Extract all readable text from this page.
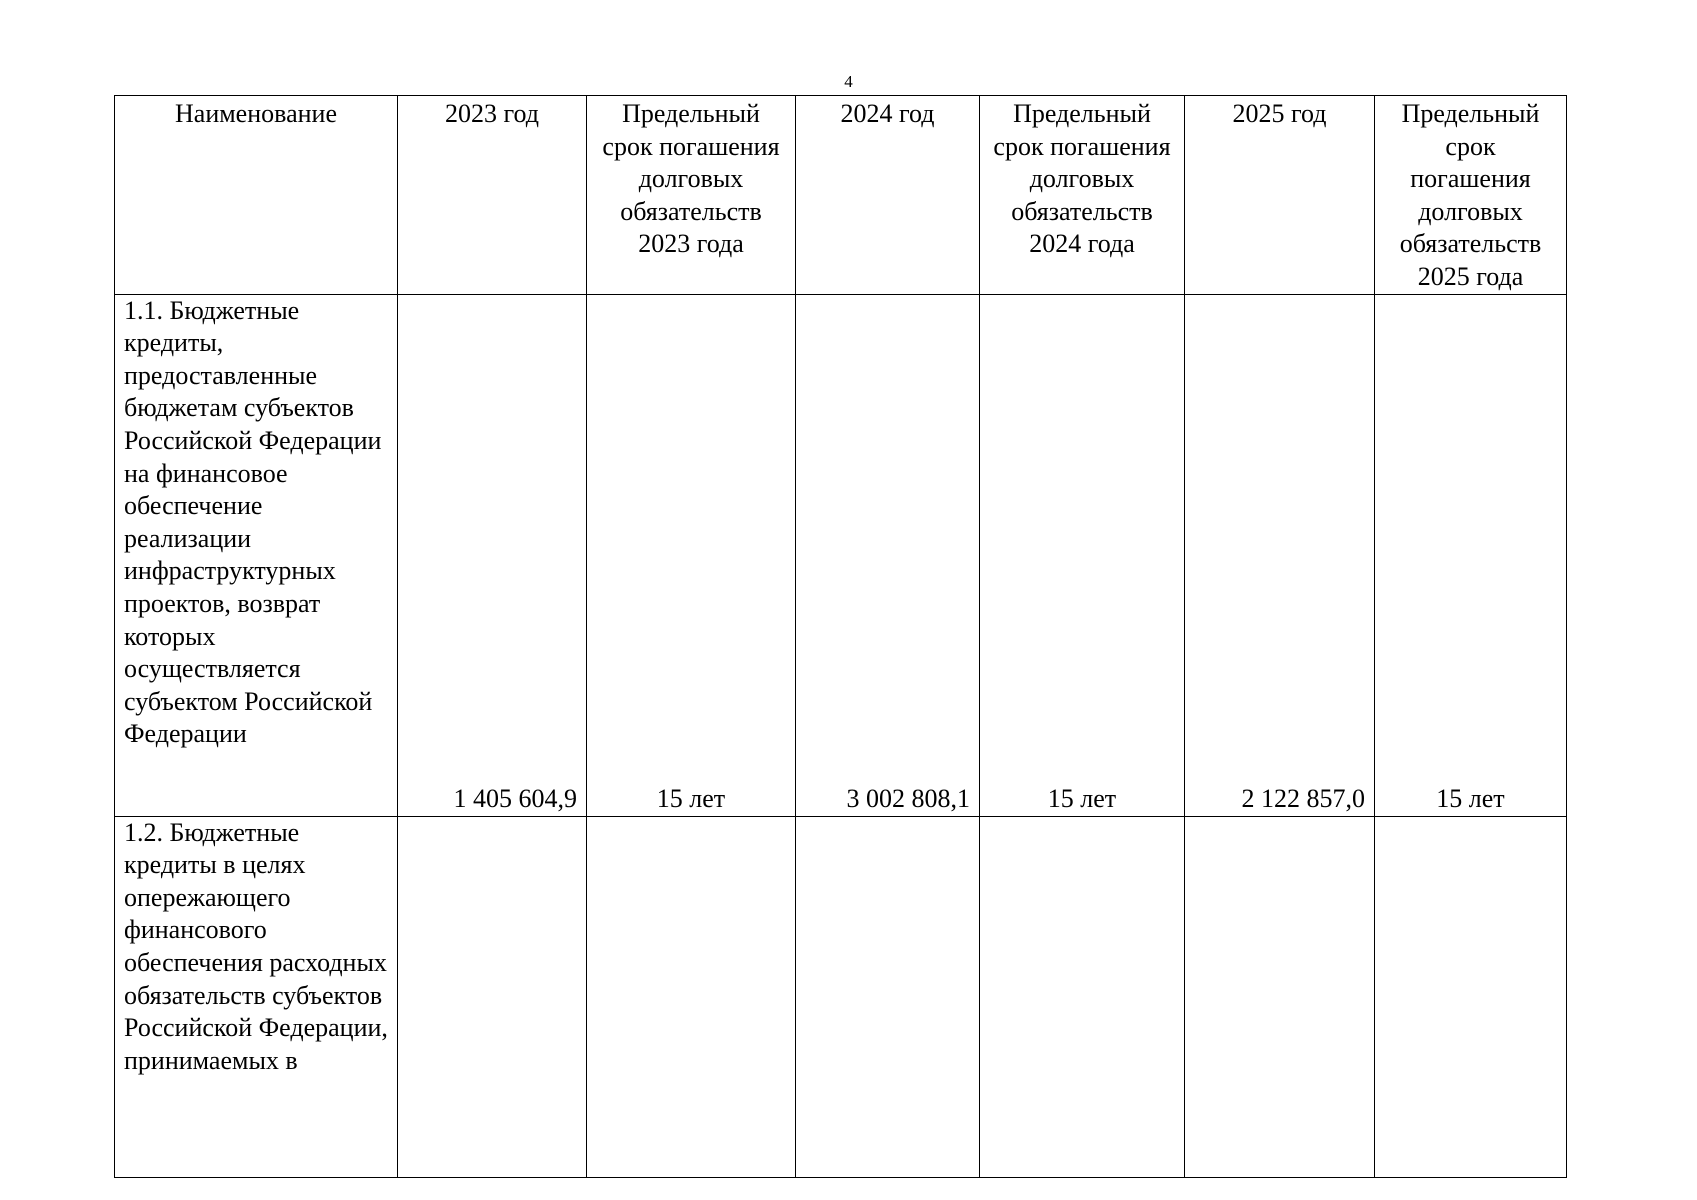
4
Наименование	2023 год	Предельный срок погашения долговых обязательств 2023 года	2024 год	Предельный срок погашения долговых обязательств 2024 года	2025 год	Предельный срок погашения долговых обязательств 2025 года
1.1. Бюджетные кредиты, предоставленные бюджетам субъектов Российской Федерации на финансовое обеспечение реализации инфраструктурных проектов, возврат которых осуществляется субъектом Российской Федерации	1 405 604,9	15 лет	3 002 808,1	15 лет	2 122 857,0	15 лет
1.2. Бюджетные кредиты в целях опережающего финансового обеспечения расходных обязательств субъектов Российской Федерации, принимаемых в						
